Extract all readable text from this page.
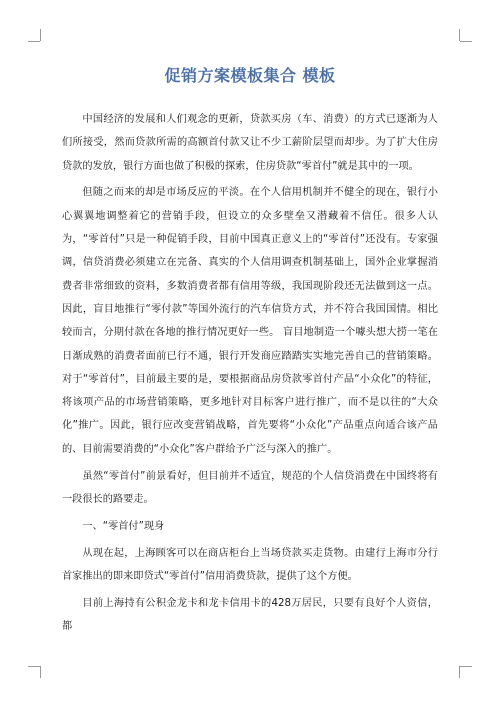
促销方案模板集合 模板

中国经济的发展和人们观念的更新，贷款买房（车、消费）的方式已逐渐为人们所接受，然而贷款所需的高额首付款又让不少工薪阶层望而却步。为了扩大住房贷款的发放，银行方面也做了积极的探索，住房贷款“零首付”就是其中的一项。

但随之而来的却是市场反应的平淡。在个人信用机制并不健全的现在，银行小心翼翼地调整着它的营销手段，但设立的众多壁垒又潜藏着不信任。很多人认为，“零首付”只是一种促销手段，目前中国真正意义上的“零首付”还没有。专家强调，信贷消费必须建立在完备、真实的个人信用调查机制基础上，国外企业掌握消费者非常细致的资料，多数消费者都有信用等级，我国现阶段还无法做到这一点。因此，盲目地推行“零付款”等国外流行的汽车信贷方式，并不符合我国国情。相比较而言，分期付款在各地的推行情况更好一些。 盲目地制造一个噱头想大捞一笔在日渐成熟的消费者面前已行不通，银行开发商应踏踏实实地完善自己的营销策略。对于“零首付”，目前最主要的是，要根据商品房贷款零首付产品“小众化”的特征，将该项产品的市场营销策略，更多地针对目标客户进行推广，而不是以往的“大众化”推广。因此，银行应改变营销战略，首先要将“小众化”产品重点向适合该产品的、目前需要消费的“小众化”客户群给予广泛与深入的推广。

虽然“零首付”前景看好，但目前并不适宜，规范的个人信贷消费在中国终将有一段很长的路要走。

一、“零首付”现身

从现在起，上海顾客可以在商店柜台上当场贷款买走货物。由建行上海市分行首家推出的即来即贷式“零首付”信用消费贷款，提供了这个方便。

目前上海持有公积金龙卡和龙卡信用卡的428万居民，只要有良好个人资信，都
